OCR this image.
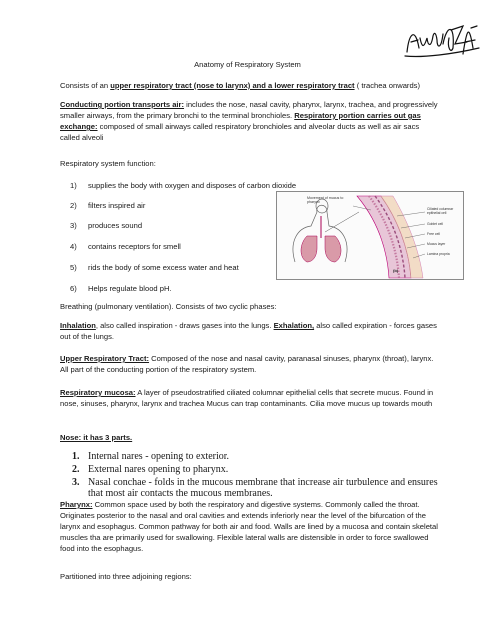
Anatomy of Respiratory System

Consists of an upper respiratory tract (nose to larynx) and a lower respiratory tract ( trachea onwards)

Conducting portion transports air: includes the nose, nasal cavity, pharynx, larynx, trachea, and progressively smaller airways, from the primary bronchi to the terminal bronchioles. Respiratory portion carries out gas exchange: composed of small airways called respiratory bronchioles and alveolar ducts as well as air sacs called alveoli

Respiratory system function:

1) supplies the body with oxygen and disposes of carbon dioxide
2) filters inspired air
3) produces sound
4) contains receptors for smell
5) rids the body of some excess water and heat
6) Helps regulate blood pH.
Movement of mucus to pharynx
Ciliated columnar epithelial cell
Goblet cell
Free cell
Mucus layer
Lamina propria
(b)

Breathing (pulmonary ventilation). Consists of two cyclic phases:

Inhalation, also called inspiration - draws gases into the lungs. Exhalation, also called expiration - forces gases out of the lungs.

Upper Respiratory Tract: Composed of the nose and nasal cavity, paranasal sinuses, pharynx (throat), larynx. All part of the conducting portion of the respiratory system.

Respiratory mucosa: A layer of pseudostratified ciliated columnar epithelial cells that secrete mucus. Found in nose, sinuses, pharynx, larynx and trachea Mucus can trap contaminants. Cilia move mucus up towards mouth

Nose: it has 3 parts.

1. Internal nares - opening to exterior.
2. External nares opening to pharynx.
3. Nasal conchae - folds in the mucous membrane that increase air turbulence and ensures that most air contacts the mucous membranes.

Pharynx: Common space used by both the respiratory and digestive systems. Commonly called the throat. Originates posterior to the nasal and oral cavities and extends inferiorly near the level of the bifurcation of the larynx and esophagus. Common pathway for both air and food. Walls are lined by a mucosa and contain skeletal muscles tha are primarily used for swallowing. Flexible lateral walls are distensible in order to force swallowed food into the esophagus.

Partitioned into three adjoining regions:
